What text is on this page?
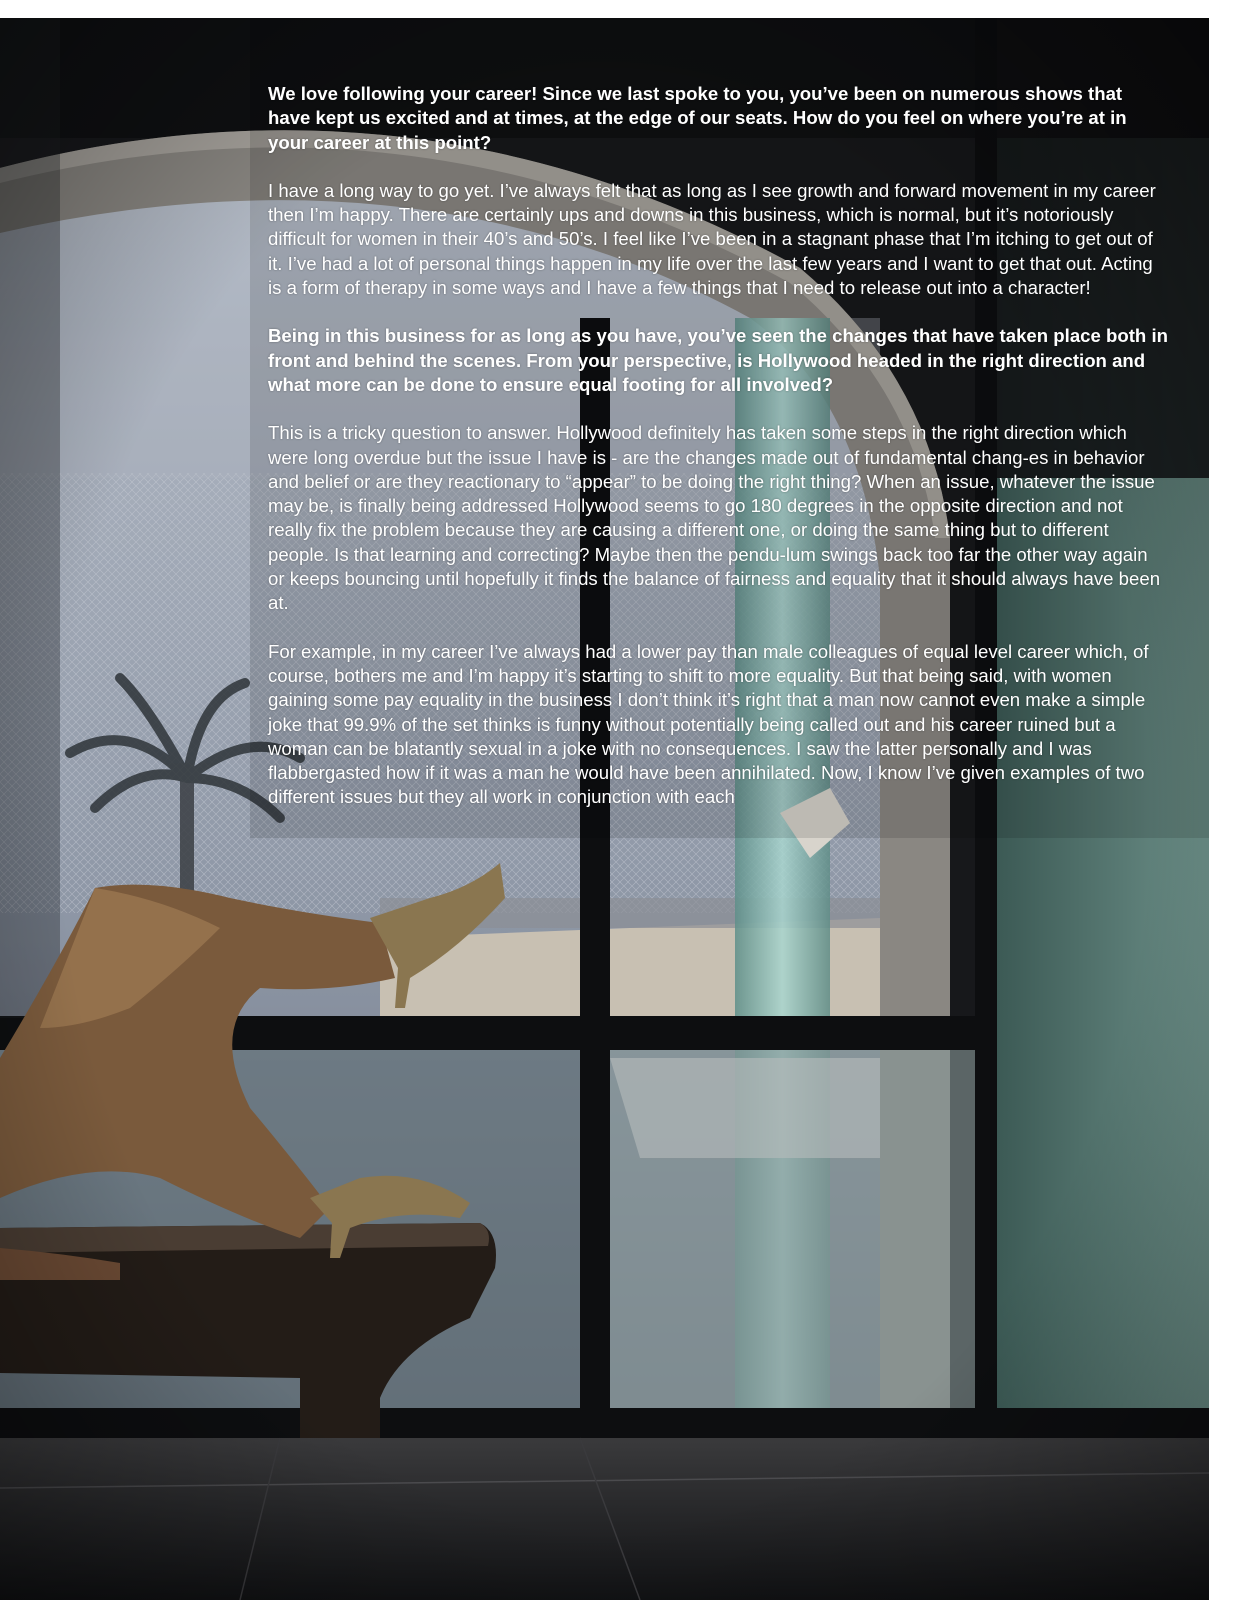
We love following your career! Since we last spoke to you, you’ve been on numerous shows that have kept us excited and at times, at the edge of our seats. How do you feel on where you’re at in your career at this point?

I have a long way to go yet. I’ve always felt that as long as I see growth and forward movement in my career then I’m happy. There are certainly ups and downs in this business, which is normal, but it’s notoriously difficult for women in their 40’s and 50’s. I feel like I’ve been in a stagnant phase that I’m itching to get out of it. I’ve had a lot of personal things happen in my life over the last few years and I want to get that out. Acting is a form of therapy in some ways and I have a few things that I need to release out into a character!

Being in this business for as long as you have, you’ve seen the changes that have taken place both in front and behind the scenes. From your perspective, is Hollywood headed in the right direction and what more can be done to ensure equal footing for all involved?

This is a tricky question to answer. Hollywood definitely has taken some steps in the right direction which were long overdue but the issue I have is - are the changes made out of fundamental chang-es in behavior and belief or are they reactionary to “appear” to be doing the right thing? When an issue, whatever the issue may be, is finally being addressed Hollywood seems to go 180 degrees in the opposite direction and not really fix the problem because they are causing a different one, or doing the same thing but to different people. Is that learning and correcting? Maybe then the pendu-lum swings back too far the other way again or keeps bouncing until hopefully it finds the balance of fairness and equality that it should always have been at.

For example, in my career I’ve always had a lower pay than male colleagues of equal level career which, of course, bothers me and I’m happy it’s starting to shift to more equality. But that being said, with women gaining some pay equality in the business I don’t think it’s right that a man now cannot even make a simple joke that 99.9% of the set thinks is funny without potentially being called out and his career ruined but a woman can be blatantly sexual in a joke with no consequences. I saw the latter personally and I was flabbergasted how if it was a man he would have been annihilated. Now, I know I’ve given examples of two different issues but they all work in conjunction with each
